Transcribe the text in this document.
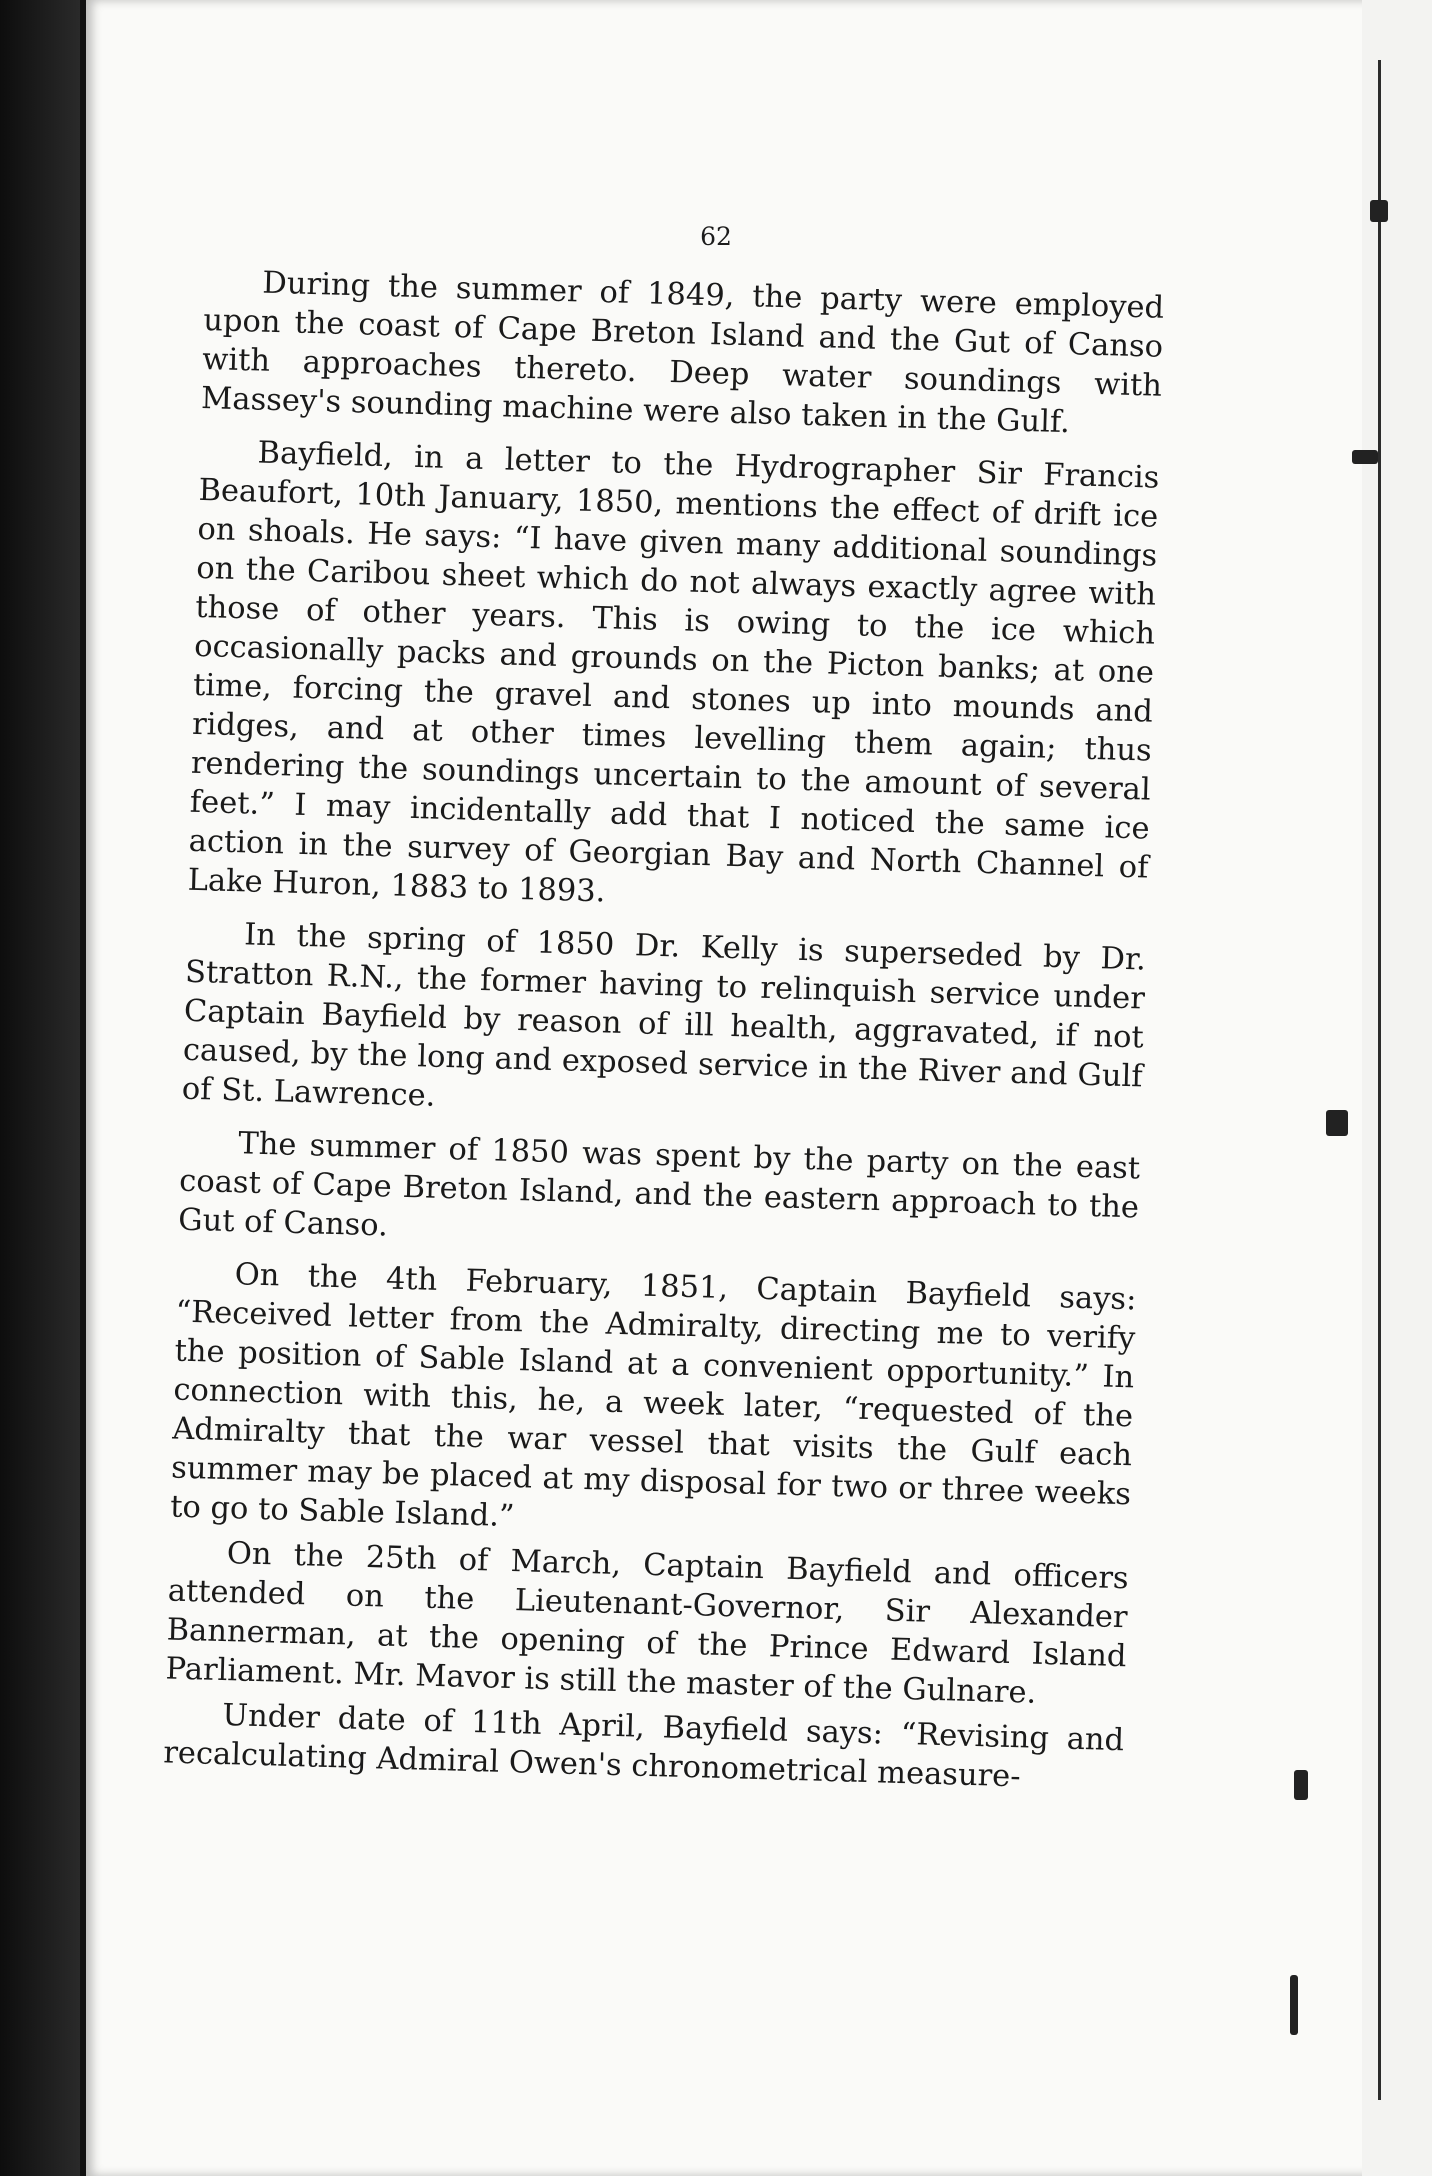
62

During the summer of 1849, the party were employed upon the coast of Cape Breton Island and the Gut of Canso with approaches thereto. Deep water soundings with Massey's sounding machine were also taken in the Gulf.

Bayfield, in a letter to the Hydrographer Sir Francis Beaufort, 10th January, 1850, mentions the effect of drift ice on shoals. He says: “I have given many additional soundings on the Caribou sheet which do not always exactly agree with those of other years. This is owing to the ice which occasionally packs and grounds on the Picton banks; at one time, forcing the gravel and stones up into mounds and ridges, and at other times levelling them again; thus rendering the soundings uncertain to the amount of several feet.” I may incidentally add that I noticed the same ice action in the survey of Georgian Bay and North Channel of Lake Huron, 1883 to 1893.

In the spring of 1850 Dr. Kelly is superseded by Dr. Stratton R.N., the former having to relinquish service under Captain Bayfield by reason of ill health, aggravated, if not caused, by the long and exposed service in the River and Gulf of St. Lawrence.

The summer of 1850 was spent by the party on the east coast of Cape Breton Island, and the eastern approach to the Gut of Canso.

On the 4th February, 1851, Captain Bayfield says: “Received letter from the Admiralty, directing me to verify the position of Sable Island at a convenient opportunity.” In connection with this, he, a week later, “requested of the Admiralty that the war vessel that visits the Gulf each summer may be placed at my disposal for two or three weeks to go to Sable Island.”

On the 25th of March, Captain Bayfield and officers attended on the Lieutenant-Governor, Sir Alexander Bannerman, at the opening of the Prince Edward Island Parliament. Mr. Mavor is still the master of the Gulnare.

Under date of 11th April, Bayfield says: “Revising and recalculating Admiral Owen's chronometrical measure-
